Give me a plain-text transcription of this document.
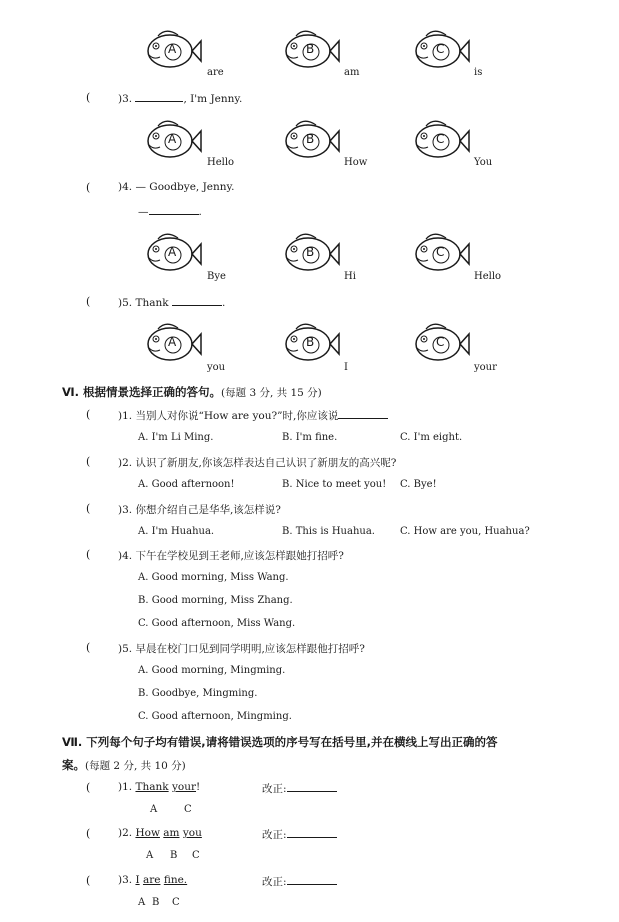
A
are
B
am
C
is
(	)3.	, I'm Jenny.
A
Hello
B
How
C
You
(	)4. — Goodbye, Jenny.
—	.
A
Bye
B
Hi
C
Hello
(	)5. Thank	.
A
you
B
I
C
your
Ⅵ. 根据情景选择正确的答句。(每题 3 分, 共 15 分)
(	)1. 当别人对你说“How are you?”时,你应该说
A. I'm Li Ming.	B. I'm fine.	C. I'm eight.
(	)2. 认识了新朋友,你该怎样表达自己认识了新朋友的高兴呢?
A. Good afternoon!	B. Nice to meet you! C. Bye!
(	)3. 你想介绍自己是华华,该怎样说?
A. I'm Huahua.	B. This is Huahua.	C. How are you, Huahua?
(	)4. 下午在学校见到王老师,应该怎样跟她打招呼?
A. Good morning, Miss Wang.
B. Good morning, Miss Zhang.
C. Good afternoon, Miss Wang.
(	)5. 早晨在校门口见到同学明明,应该怎样跟他打招呼?
A. Good morning, Mingming.
B. Goodbye, Mingming.
C. Good afternoon, Mingming.
Ⅶ. 下列每个句子均有错误,请将错误选项的序号写在括号里,并在横线上写出正确的答
案。(每题 2 分, 共 10 分)
(	)1. Thank your!
A	C
改正:
(	)2. How am you
A B C
改正:
(	)3. I are fine.
A B C
改正:
